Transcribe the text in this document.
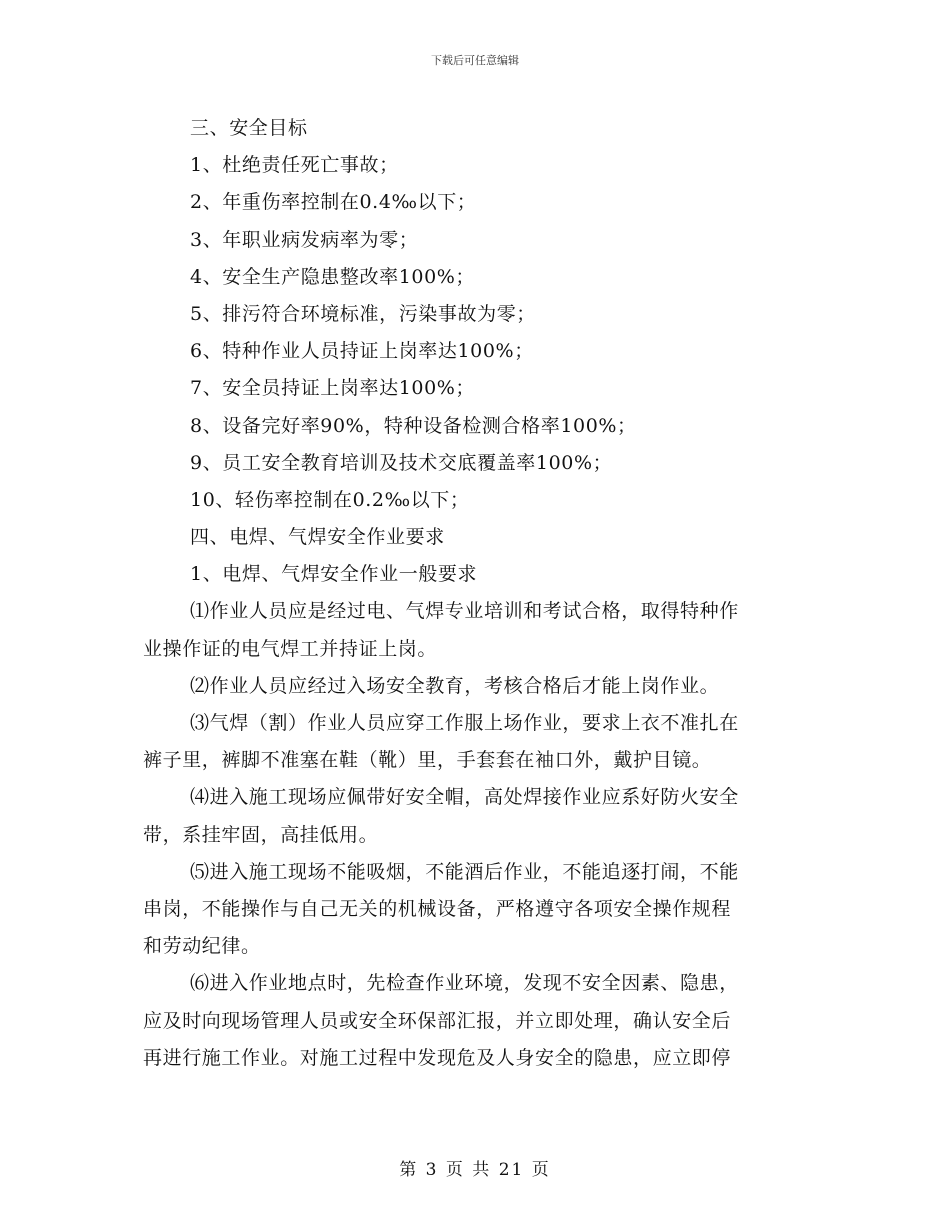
下载后可任意编辑
三、安全目标
1、杜绝责任死亡事故；
2、年重伤率控制在0.4‰以下；
3、年职业病发病率为零；
4、安全生产隐患整改率100%；
5、排污符合环境标准，污染事故为零；
6、特种作业人员持证上岗率达100%；
7、安全员持证上岗率达100%；
8、设备完好率90%，特种设备检测合格率100%；
9、员工安全教育培训及技术交底覆盖率100%；
10、轻伤率控制在0.2‰以下；
四、电焊、气焊安全作业要求
1、电焊、气焊安全作业一般要求
⑴作业人员应是经过电、气焊专业培训和考试合格，取得特种作
业操作证的电气焊工并持证上岗。
⑵作业人员应经过入场安全教育，考核合格后才能上岗作业。
⑶气焊（割）作业人员应穿工作服上场作业，要求上衣不准扎在
裤子里，裤脚不准塞在鞋（靴）里，手套套在袖口外，戴护目镜。
⑷进入施工现场应佩带好安全帽，高处焊接作业应系好防火安全
带，系挂牢固，高挂低用。
⑸进入施工现场不能吸烟，不能酒后作业，不能追逐打闹，不能
串岗，不能操作与自己无关的机械设备，严格遵守各项安全操作规程
和劳动纪律。
⑹进入作业地点时，先检查作业环境，发现不安全因素、隐患，
应及时向现场管理人员或安全环保部汇报，并立即处理，确认安全后
再进行施工作业。对施工过程中发现危及人身安全的隐患，应立即停
第 3 页 共 21 页
